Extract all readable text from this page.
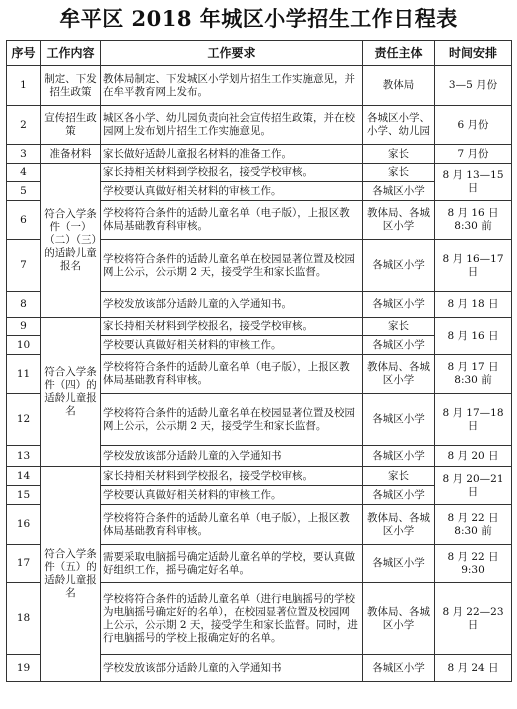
牟平区 2018 年城区小学招生工作日程表
序号	工作内容	工作要求	责任主体	时间安排
1	制定、下发招生政策	教体局制定、下发城区小学划片招生工作实施意见，并在牟平教育网上发布。	教体局	3—5 月份
2	宣传招生政策	城区各小学、幼儿园负责向社会宣传招生政策，并在校园网上发布划片招生工作实施意见。	各城区小学、小学、幼儿园	6 月份
3	准备材料	家长做好适龄儿童报名材料的准备工作。	家长	7 月份
4	符合入学条件（一）（二）（三）的适龄儿童报名	家长持相关材料到学校报名，接受学校审核。	家长	8 月 13—15 日
5		学校要认真做好相关材料的审核工作。	各城区小学	
6		学校将符合条件的适龄儿童名单（电子版），上报区教体局基础教育科审核。	教体局、各城区小学	8 月 16 日 8:30 前
7		学校将符合条件的适龄儿童名单在校园显著位置及校园网上公示，公示期 2 天，接受学生和家长监督。	各城区小学	8 月 16—17 日
8		学校发放该部分适龄儿童的入学通知书。	各城区小学	8 月 18 日
9	符合入学条件（四）的适龄儿童报名	家长持相关材料到学校报名，接受学校审核。	家长	8 月 16 日
10		学校要认真做好相关材料的审核工作。	各城区小学	
11		学校将符合条件的适龄儿童名单（电子版），上报区教体局基础教育科审核。	教体局、各城区小学	8 月 17 日 8:30 前
12		学校将符合条件的适龄儿童名单在校园显著位置及校园网上公示，公示期 2 天，接受学生和家长监督。	各城区小学	8 月 17—18 日
13		学校发放该部分适龄儿童的入学通知书	各城区小学	8 月 20 日
14	符合入学条件（五）的适龄儿童报名	家长持相关材料到学校报名，接受学校审核。	家长	8 月 20—21 日
15		学校要认真做好相关材料的审核工作。	各城区小学	
16		学校将符合条件的适龄儿童名单（电子版），上报区教体局基础教育科审核。	教体局、各城区小学	8 月 22 日 8:30 前
17		需要采取电脑摇号确定适龄儿童名单的学校，要认真做好组织工作，摇号确定好名单。	各城区小学	8 月 22 日 9:30
18		学校将符合条件的适龄儿童名单（进行电脑摇号的学校为电脑摇号确定好的名单），在校园显著位置及校园网上公示，公示期 2 天，接受学生和家长监督。同时，进行电脑摇号的学校上报确定好的名单。	教体局、各城区小学	8 月 22—23 日
19		学校发放该部分适龄儿童的入学通知书	各城区小学	8 月 24 日
